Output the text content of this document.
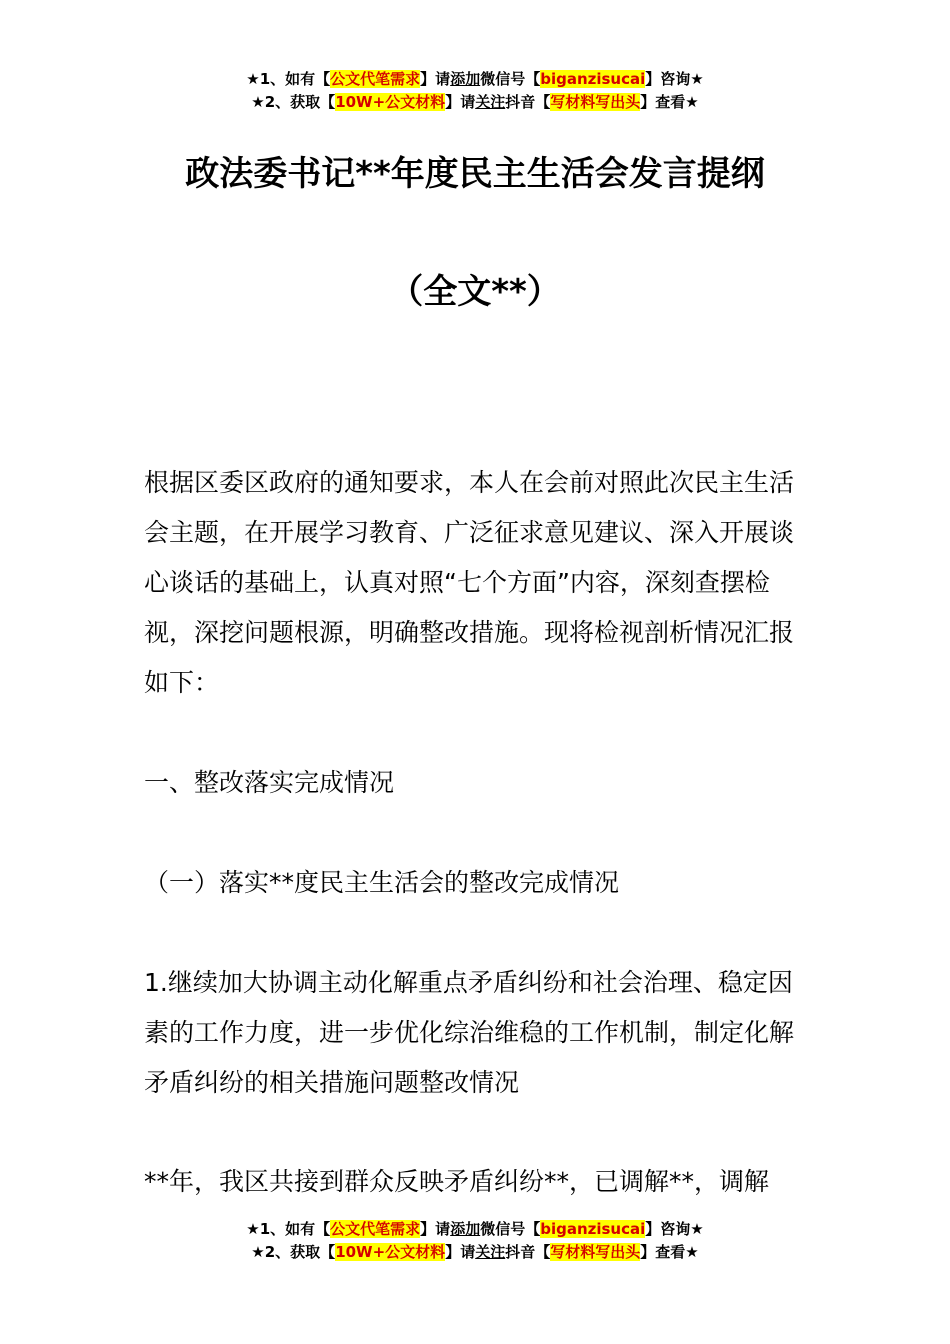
★1、如有【公文代笔需求】请添加微信号【biganzisucai】咨询★
★2、获取【10W+公文材料】请关注抖音【写材料写出头】查看★
政法委书记**年度民主生活会发言提纲
（全文**）

根据区委区政府的通知要求，本人在会前对照此次民主生活会主题，在开展学习教育、广泛征求意见建议、深入开展谈心谈话的基础上，认真对照“七个方面”内容，深刻查摆检视，深挖问题根源，明确整改措施。现将检视剖析情况汇报如下：

一、整改落实完成情况

（一）落实**度民主生活会的整改完成情况

1.继续加大协调主动化解重点矛盾纠纷和社会治理、稳定因素的工作力度，进一步优化综治维稳的工作机制，制定化解矛盾纠纷的相关措施问题整改情况

**年，我区共接到群众反映矛盾纠纷**，已调解**，调解

★1、如有【公文代笔需求】请添加微信号【biganzisucai】咨询★
★2、获取【10W+公文材料】请关注抖音【写材料写出头】查看★
